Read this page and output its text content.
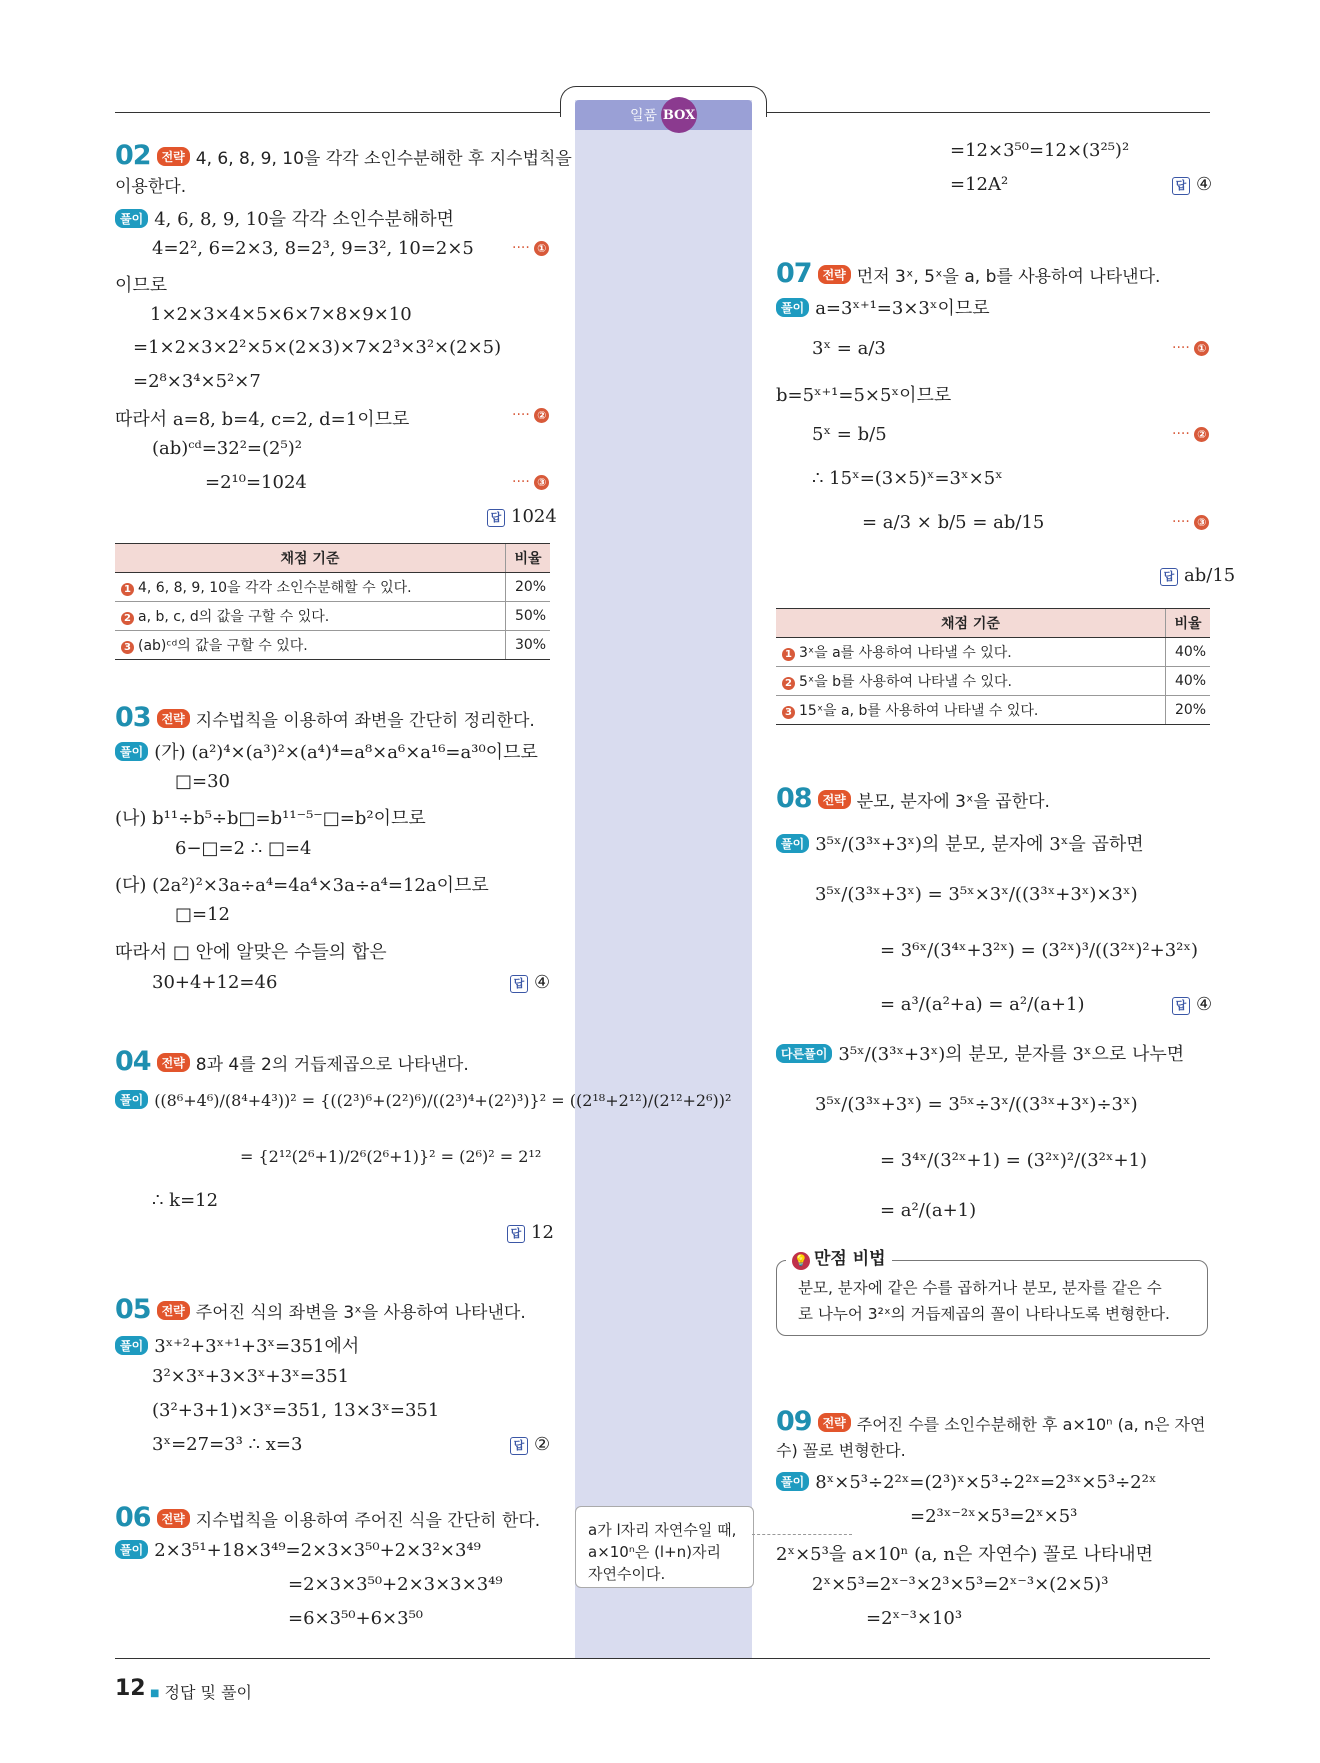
일품 BOX
02 전략 4, 6, 8, 9, 10을 각각 소인수분해한 후 지수법칙을
이용한다.
풀이 4, 6, 8, 9, 10을 각각 소인수분해하면
4=2², 6=2×3, 8=2³, 9=3², 10=2×5	···· ①
이므로
1×2×3×4×5×6×7×8×9×10
=1×2×3×2²×5×(2×3)×7×2³×3²×(2×5)
=2⁸×3⁴×5²×7
따라서 a=8, b=4, c=2, d=1이므로	···· ②
(ab)ᶜᵈ=32²=(2⁵)²
=2¹⁰=1024	···· ③
답 1024
채점 기준	비율
1 4, 6, 8, 9, 10을 각각 소인수분해할 수 있다.	20%
2 a, b, c, d의 값을 구할 수 있다.	50%
3 (ab)ᶜᵈ의 값을 구할 수 있다.	30%
03 전략 지수법칙을 이용하여 좌변을 간단히 정리한다.
풀이 (가) (a²)⁴×(a³)²×(a⁴)⁴=a⁸×a⁶×a¹⁶=a³⁰이므로
□=30
(나) b¹¹÷b⁵÷b□=b¹¹⁻⁵⁻□=b²이므로
6−□=2 ∴ □=4
(다) (2a²)²×3a÷a⁴=4a⁴×3a÷a⁴=12a이므로
□=12
따라서 □ 안에 알맞은 수들의 합은
30+4+12=46	답 ④
04 전략 8과 4를 2의 거듭제곱으로 나타낸다.
풀이 ((8⁶+4⁶)/(8⁴+4³))² = {((2³)⁶+(2²)⁶)/((2³)⁴+(2²)³)}² = ((2¹⁸+2¹²)/(2¹²+2⁶))²
= {2¹²(2⁶+1)/2⁶(2⁶+1)}² = (2⁶)² = 2¹²
∴ k=12
답 12
05 전략 주어진 식의 좌변을 3ˣ을 사용하여 나타낸다.
풀이 3ˣ⁺²+3ˣ⁺¹+3ˣ=351에서
3²×3ˣ+3×3ˣ+3ˣ=351
(3²+3+1)×3ˣ=351, 13×3ˣ=351
3ˣ=27=3³ ∴ x=3	답 ②
06 전략 지수법칙을 이용하여 주어진 식을 간단히 한다.
풀이 2×3⁵¹+18×3⁴⁹=2×3×3⁵⁰+2×3²×3⁴⁹
=2×3×3⁵⁰+2×3×3×3⁴⁹
=6×3⁵⁰+6×3⁵⁰
a가 l자리 자연수일 때,
a×10ⁿ은 (l+n)자리
자연수이다.
=12×3⁵⁰=12×(3²⁵)²
=12A²	답 ④
07 전략 먼저 3ˣ, 5ˣ을 a, b를 사용하여 나타낸다.
풀이 a=3ˣ⁺¹=3×3ˣ이므로
3ˣ = a/3	···· ①
b=5ˣ⁺¹=5×5ˣ이므로
5ˣ = b/5	···· ②
∴ 15ˣ=(3×5)ˣ=3ˣ×5ˣ
= a/3 × b/5 = ab/15	···· ③
답 ab/15
채점 기준	비율
1 3ˣ을 a를 사용하여 나타낼 수 있다.	40%
2 5ˣ을 b를 사용하여 나타낼 수 있다.	40%
3 15ˣ을 a, b를 사용하여 나타낼 수 있다.	20%
08 전략 분모, 분자에 3ˣ을 곱한다.
풀이 3⁵ˣ/(3³ˣ+3ˣ)의 분모, 분자에 3ˣ을 곱하면
3⁵ˣ/(3³ˣ+3ˣ) = 3⁵ˣ×3ˣ/((3³ˣ+3ˣ)×3ˣ)
= 3⁶ˣ/(3⁴ˣ+3²ˣ) = (3²ˣ)³/((3²ˣ)²+3²ˣ)
= a³/(a²+a) = a²/(a+1)	답 ④
다른풀이 3⁵ˣ/(3³ˣ+3ˣ)의 분모, 분자를 3ˣ으로 나누면
3⁵ˣ/(3³ˣ+3ˣ) = 3⁵ˣ÷3ˣ/((3³ˣ+3ˣ)÷3ˣ)
= 3⁴ˣ/(3²ˣ+1) = (3²ˣ)²/(3²ˣ+1)
= a²/(a+1)
💡 만점 비법
분모, 분자에 같은 수를 곱하거나 분모, 분자를 같은 수
로 나누어 3²ˣ의 거듭제곱의 꼴이 나타나도록 변형한다.
09 전략 주어진 수를 소인수분해한 후 a×10ⁿ (a, n은 자연
수) 꼴로 변형한다.
풀이 8ˣ×5³÷2²ˣ=(2³)ˣ×5³÷2²ˣ=2³ˣ×5³÷2²ˣ
=2³ˣ⁻²ˣ×5³=2ˣ×5³
2ˣ×5³을 a×10ⁿ (a, n은 자연수) 꼴로 나타내면
2ˣ×5³=2ˣ⁻³×2³×5³=2ˣ⁻³×(2×5)³
=2ˣ⁻³×10³
12 ■ 정답 및 풀이
